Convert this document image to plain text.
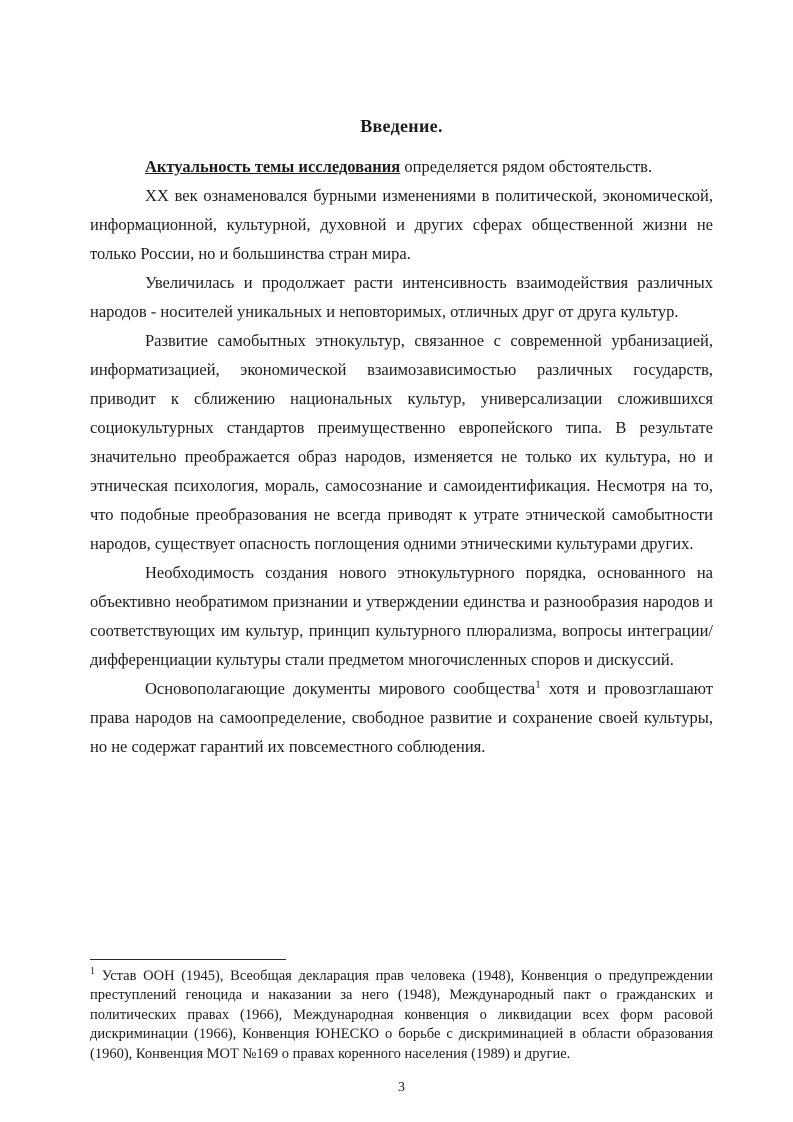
Введение.

Актуальность темы исследования определяется рядом обстоятельств.

XX век ознаменовался бурными изменениями в политической, экономической, информационной, культурной, духовной и других сферах общественной жизни не только России, но и большинства стран мира.

Увеличилась и продолжает расти интенсивность взаимодействия различных народов - носителей уникальных и неповторимых, отличных друг от друга культур.

Развитие самобытных этнокультур, связанное с современной урбанизацией, информатизацией, экономической взаимозависимостью различных государств, приводит к сближению национальных культур, универсализации сложившихся социокультурных стандартов преимущественно европейского типа. В результате значительно преображается образ народов, изменяется не только их культура, но и этническая психология, мораль, самосознание и самоидентификация. Несмотря на то, что подобные преобразования не всегда приводят к утрате этнической самобытности народов, существует опасность поглощения одними этническими культурами других.

Необходимость создания нового этнокультурного порядка, основанного на объективно необратимом признании и утверждении единства и разнообразия народов и соответствующих им культур, принцип культурного плюрализма, вопросы интеграции/ дифференциации культуры стали предметом многочисленных споров и дискуссий.

Основополагающие документы мирового сообщества$^1$ хотя и провозглашают права народов на самоопределение, свободное развитие и сохранение своей культуры, но не содержат гарантий их повсеместного соблюдения.

$^1$ Устав ООН (1945), Всеобщая декларация прав человека (1948), Конвенция о предупреждении преступлений геноцида и наказании за него (1948), Международный пакт о гражданских и политических правах (1966), Международная конвенция о ликвидации всех форм расовой дискриминации (1966), Конвенция ЮНЕСКО о борьбе с дискриминацией в области образования (1960), Конвенция МОТ №169 о правах коренного населения (1989) и другие.

3
